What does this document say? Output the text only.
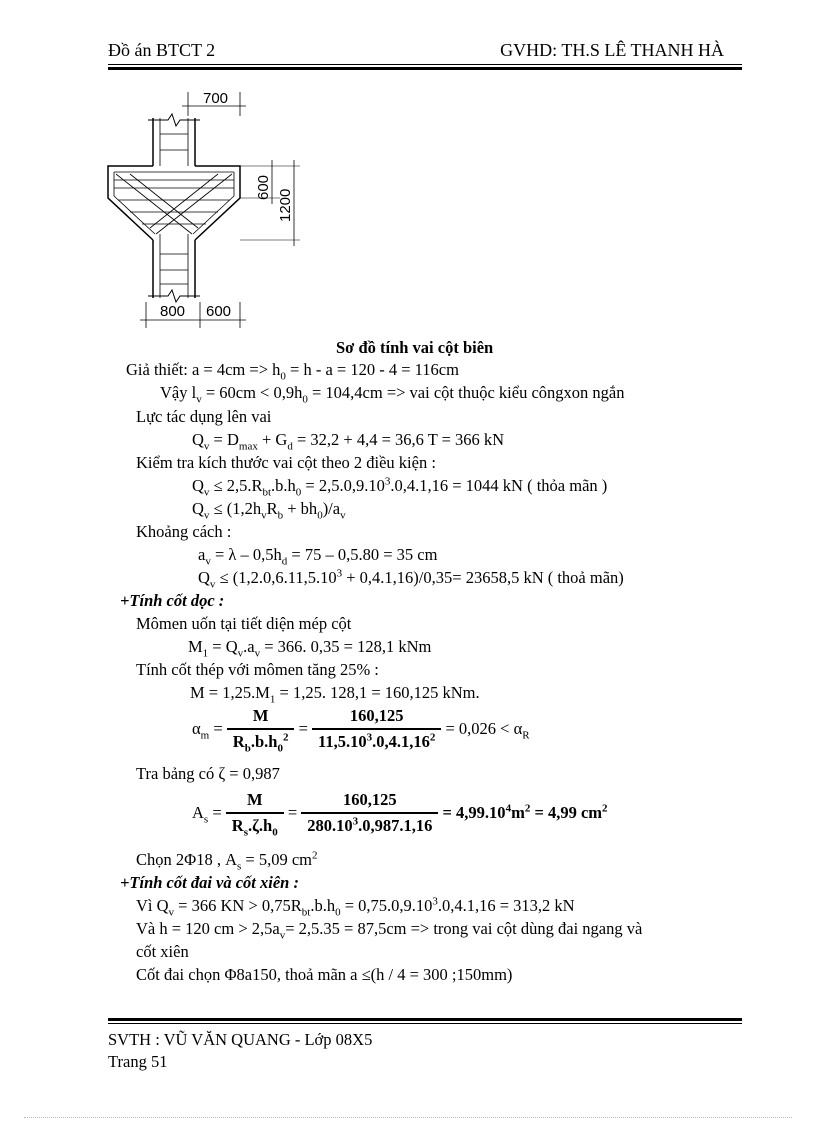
Đồ án BTCT 2	GVHD: TH.S LÊ THANH HÀ
700
600
1200
800 600
Sơ đồ tính vai cột biên
Giả thiết: $a = 4cm => h_0 = h - a = 120 - 4 = 116cm$
Vậy $l_v = 60cm < 0,9h_0 = 104,4cm$ => vai cột thuộc kiểu côngxon ngắn
Lực tác dụng lên vai
$Q_v = D_{max} + G_d = 32,2 + 4,4 = 36,6$ T = 366 kN
Kiểm tra kích thước vai cột theo 2 điều kiện :
$Q_v \le 2,5.R_{bt}.b.h_0 = 2,5.0,9.10^3.0,4.1,16 = 1044$ kN ( thỏa mãn )
$Q_v \le (1,2h_vR_b + bh_0)/a_v$
Khoảng cách :
$a_v = \lambda - 0,5h_d = 75 - 0,5.80 = 35$ cm
$Q_v \le (1,2.0,6.11,5.10^3 + 0,4.1,16)/0,35= 23658,5$ kN ( thoả mãn)
+Tính cốt dọc :
Mômen uốn tại tiết diện mép cột
$M_1 = Q_v.a_v = 366$. 0,35 = 128,1 kNm
Tính cốt thép với mômen tăng 25% :
$M = 1,25.M_1 = 1,25$. 128,1 = 160,125 kNm.
$\alpha_m = \frac{M}{R_b.b.h_0^2} = \frac{160,125}{11,5.10^3.0,4.1,16^2} = 0,026 < \alpha_R$
Tra bảng có ζ = 0,987
$A_s = \frac{M}{R_s.\zeta.h_0} = \frac{160,125}{280.10^3.0,987.1,16} = 4,99.10^4m^2 = 4,99$ $cm^2$
Chọn 2Φ18 , $A_s = 5,09$ $cm^2$
+Tính cốt đai và cốt xiên :
Vì $Q_v = 366$ KN > $0,75R_{bt}.b.h_0 = 0,75.0,9.10^3.0,4.1,16 = 313,2$ kN
Và h = 120 cm > $2,5a_v= 2,5.35 = 87,5cm$ => trong vai cột dùng đai ngang và
cốt xiên
Cốt đai chọn Φ8a150, thoả mãn a ≤(h / 4 = 300 ;150mm)
SVTH : VŨ VĂN QUANG - Lớp 08X5
Trang 51
